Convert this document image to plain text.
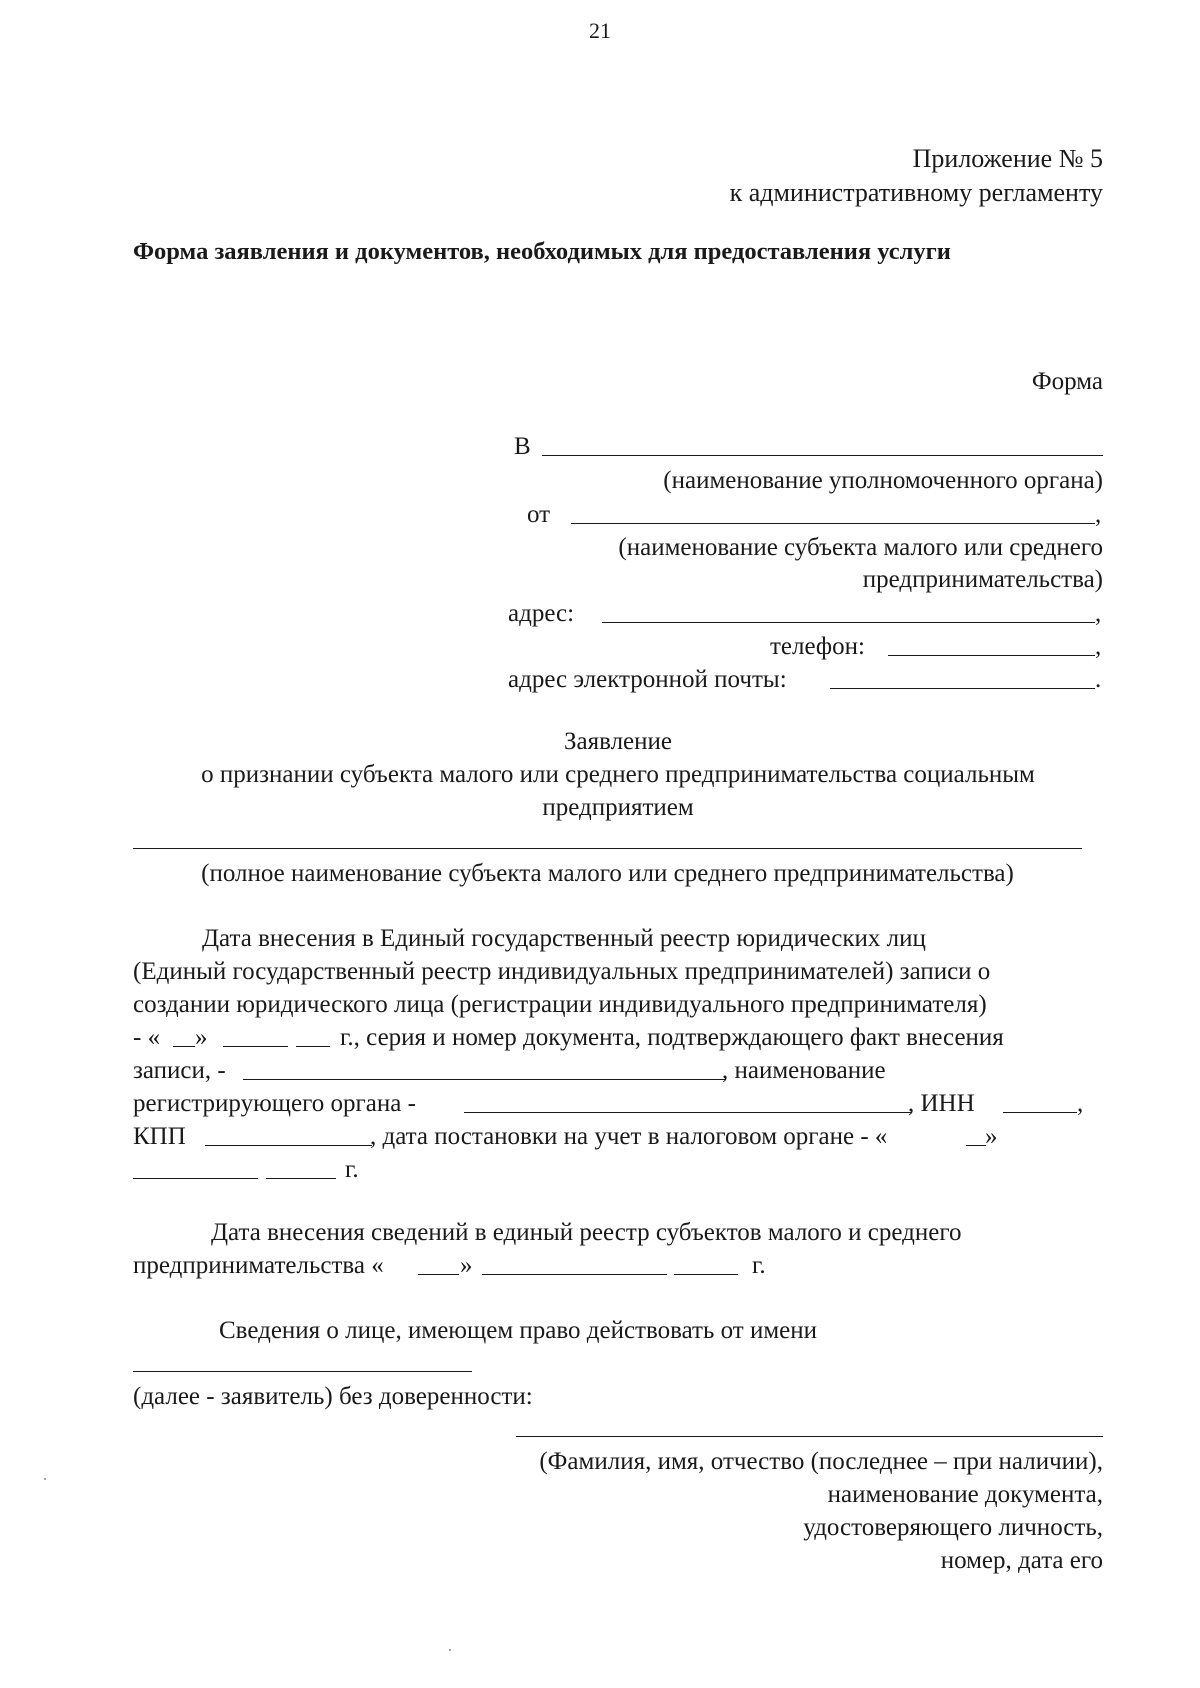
21
Приложение № 5
к административному регламенту
Форма заявления и документов, необходимых для предоставления услуги
Форма
В
(наименование уполномоченного органа)
от	,
(наименование субъекта малого или среднего
предпринимательства)
адрес:	,
телефон:	,
адрес электронной почты:	.
Заявление
о признании субъекта малого или среднего предпринимательства социальным
предприятием
(полное наименование субъекта малого или среднего предпринимательства)
Дата внесения в Единый государственный реестр юридических лиц
(Единый государственный реестр индивидуальных предпринимателей) записи о
создании юридического лица (регистрации индивидуального предпринимателя)
- « »	г., серия и номер документа, подтверждающего факт внесения
записи, -	, наименование
регистрирующего органа -	, ИНН	,
КПП	, дата постановки на учет в налоговом органе - «	»
г.
Дата внесения сведений в единый реестр субъектов малого и среднего
предпринимательства «	»	г.
Сведения о лице, имеющем право действовать от имени
(далее - заявитель) без доверенности:
(Фамилия, имя, отчество (последнее – при наличии),
наименование документа,
удостоверяющего личность,
номер, дата его
